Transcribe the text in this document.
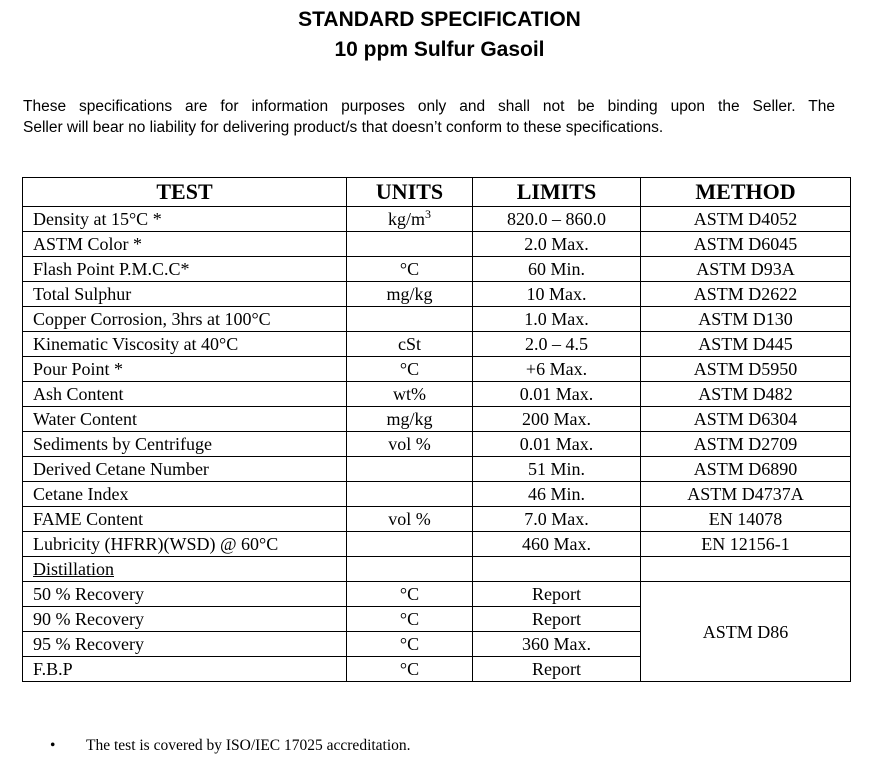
STANDARD SPECIFICATION
10 ppm Sulfur Gasoil
These specifications are for information purposes only and shall not be binding upon the Seller. The
Seller will bear no liability for delivering product/s that doesn’t conform to these specifications.
TEST	UNITS	LIMITS	METHOD
Density at 15°C *	$kg/m^3$	820.0 – 860.0	ASTM D4052
ASTM Color *		2.0 Max.	ASTM D6045
Flash Point P.M.C.C*	°C	60 Min.	ASTM D93A
Total Sulphur	mg/kg	10 Max.	ASTM D2622
Copper Corrosion, 3hrs at 100°C		1.0 Max.	ASTM D130
Kinematic Viscosity at 40°C	cSt	2.0 – 4.5	ASTM D445
Pour Point *	°C	+6 Max.	ASTM D5950
Ash Content	wt%	0.01 Max.	ASTM D482
Water Content	mg/kg	200 Max.	ASTM D6304
Sediments by Centrifuge	vol %	0.01 Max.	ASTM D2709
Derived Cetane Number		51 Min.	ASTM D6890
Cetane Index		46 Min.	ASTM D4737A
FAME Content	vol %	7.0 Max.	EN 14078
Lubricity (HFRR)(WSD) @ 60°C		460 Max.	EN 12156-1
Distillation			
50 % Recovery	°C	Report	ASTM D86
90 % Recovery	°C	Report	
95 % Recovery	°C	360 Max.	
F.B.P	°C	Report	
• The test is covered by ISO/IEC 17025 accreditation.
